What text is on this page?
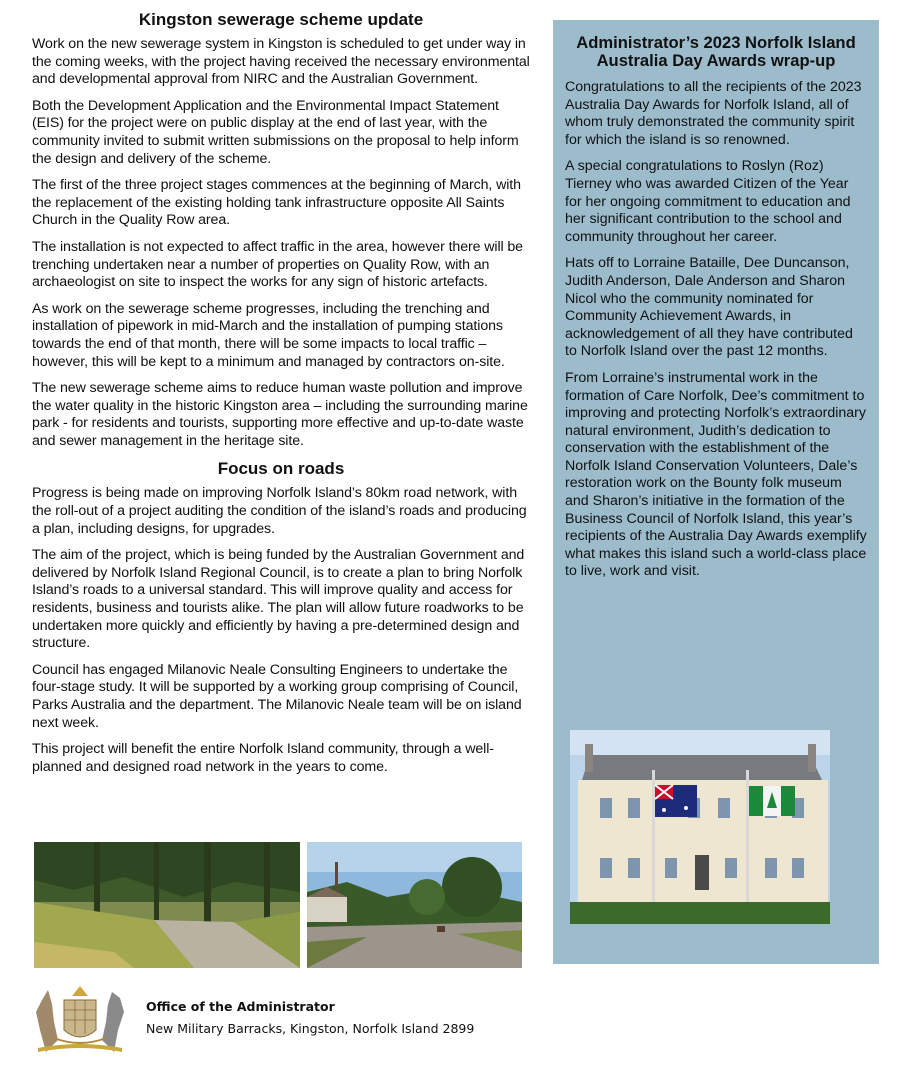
Kingston sewerage scheme update

Work on the new sewerage system in Kingston is scheduled to get under way in the coming weeks, with the project having received the necessary environmental and developmental approval from NIRC and the Australian Government.

Both the Development Application and the Environmental Impact Statement (EIS) for the project were on public display at the end of last year, with the community invited to submit written submissions on the proposal to help inform the design and delivery of the scheme.

The first of the three project stages commences at the beginning of March, with the replacement of the existing holding tank infrastructure opposite All Saints Church in the Quality Row area.

The installation is not expected to affect traffic in the area, however there will be trenching undertaken near a number of properties on Quality Row, with an archaeologist on site to inspect the works for any sign of historic artefacts.

As work on the sewerage scheme progresses, including the trenching and installation of pipework in mid-March and the installation of pumping stations towards the end of that month, there will be some impacts to local traffic – however, this will be kept to a minimum and managed by contractors on-site.

The new sewerage scheme aims to reduce human waste pollution and improve the water quality in the historic Kingston area – including the surrounding marine park - for residents and tourists, supporting more effective and up-to-date waste and sewer management in the heritage site.

Focus on roads

Progress is being made on improving Norfolk Island’s 80km road network, with the roll-out of a project auditing the condition of the island’s roads and producing a plan, including designs, for upgrades.

The aim of the project, which is being funded by the Australian Government and delivered by Norfolk Island Regional Council, is to create a plan to bring Norfolk Island’s roads to a universal standard. This will improve quality and access for residents, business and tourists alike. The plan will allow future roadworks to be undertaken more quickly and efficiently by having a pre-determined design and structure.

Council has engaged Milanovic Neale Consulting Engineers to undertake the four-stage study. It will be supported by a working group comprising of Council, Parks Australia and the department. The Milanovic Neale team will be on island next week.

This project will benefit the entire Norfolk Island community, through a well-planned and designed road network in the years to come.

Administrator’s 2023 Norfolk Island Australia Day Awards wrap-up

Congratulations to all the recipients of the 2023 Australia Day Awards for Norfolk Island, all of whom truly demonstrated the community spirit for which the island is so renowned.

A special congratulations to Roslyn (Roz) Tierney who was awarded Citizen of the Year for her ongoing commitment to education and her significant contribution to the school and community throughout her career.

Hats off to Lorraine Bataille, Dee Duncanson, Judith Anderson, Dale Anderson and Sharon Nicol who the community nominated for Community Achievement Awards, in acknowledgement of all they have contributed to Norfolk Island over the past 12 months.

From Lorraine’s instrumental work in the formation of Care Norfolk, Dee’s commitment to improving and protecting Norfolk’s extraordinary natural environment, Judith’s dedication to conservation with the establishment of the Norfolk Island Conservation Volunteers, Dale’s restoration work on the Bounty folk museum and Sharon’s initiative in the formation of the Business Council of Norfolk Island, this year’s recipients of the Australia Day Awards exemplify what makes this island such a world-class place to live, work and visit.

Office of the Administrator
New Military Barracks, Kingston, Norfolk Island 2899
